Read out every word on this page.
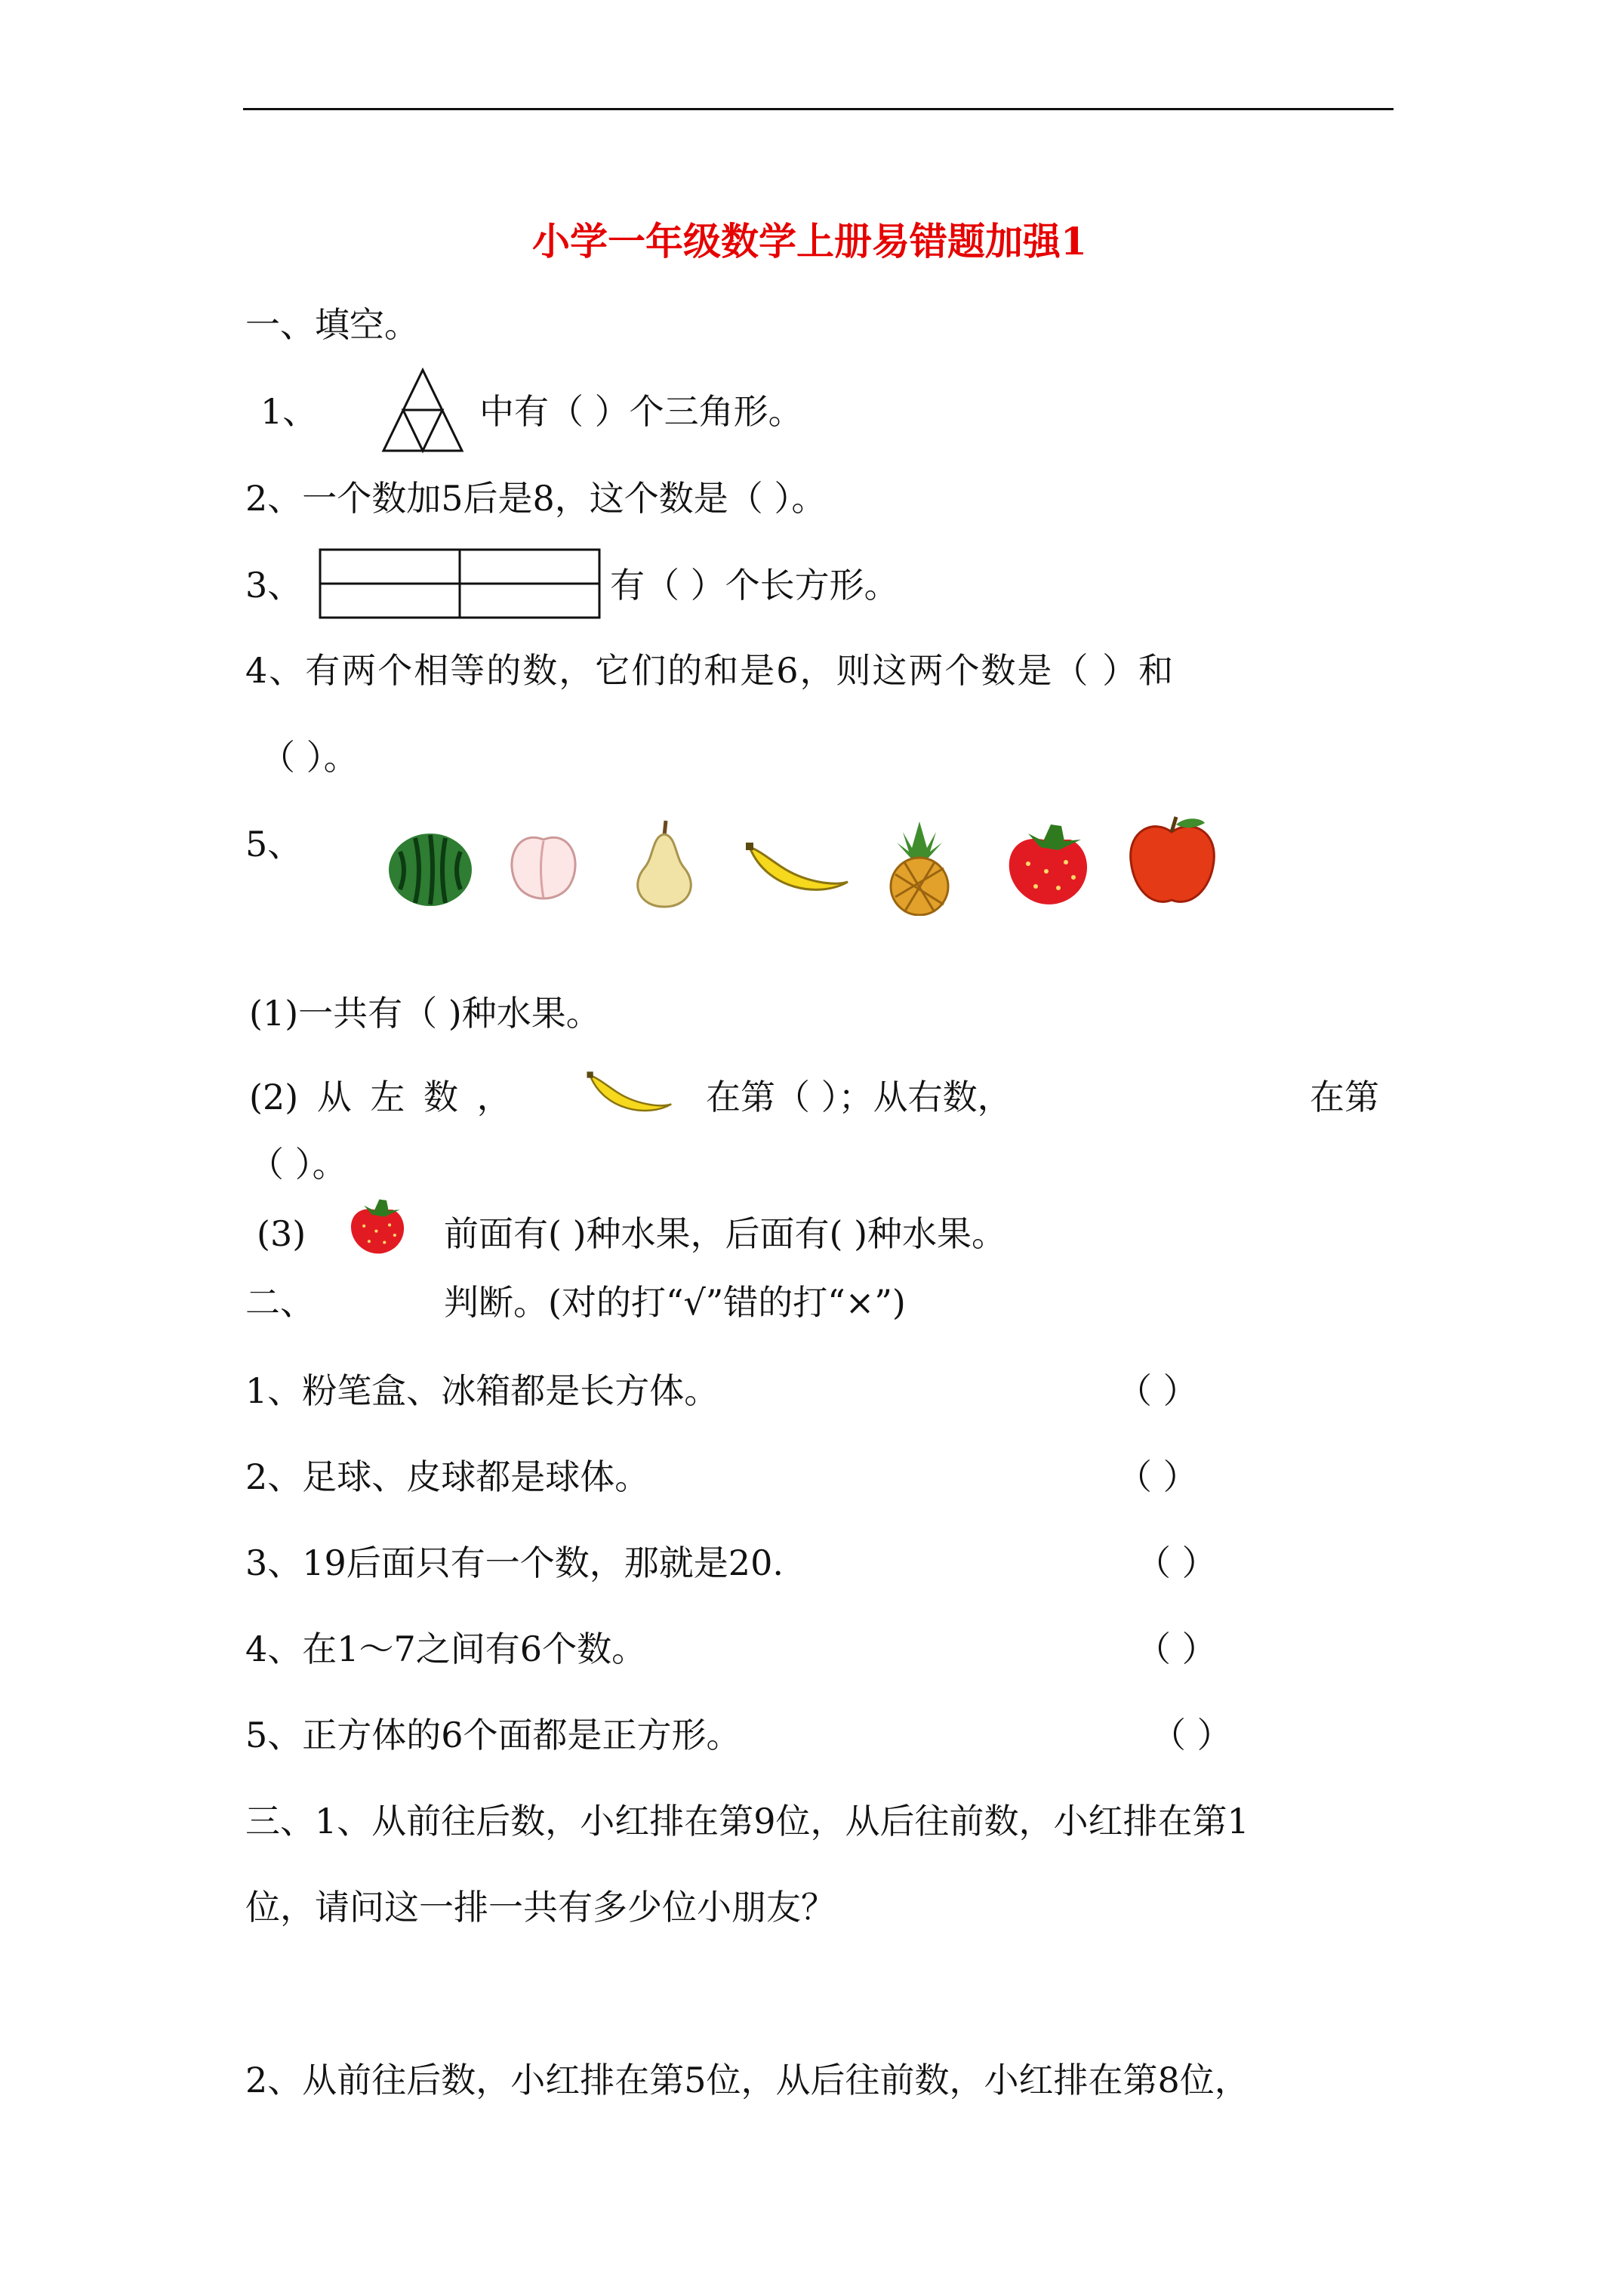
小学一年级数学上册易错题加强1
一、填空。
1、	中有（ ）个三角形。
2、一个数加5后是8，这个数是（ ）。
3、	有（ ）个长方形。
4、有两个相等的数，它们的和是6，则这两个数是（ ）和
（ ）。
5、
(1)一共有（ )种水果。
(2) 从 左 数 ，	在第（ ）；从右数，	在第
（ ）。
(3)	前面有( )种水果，后面有( )种水果。
二、	判断。(对的打“√”错的打“×”)
1、粉笔盒、冰箱都是长方体。	（ ）
2、足球、皮球都是球体。	（ ）
3、19后面只有一个数，那就是20.	（ ）
4、在1～7之间有6个数。	（ ）
5、正方体的6个面都是正方形。	（ ）
三、1、从前往后数，小红排在第9位，从后往前数，小红排在第1
位，请问这一排一共有多少位小朋友？
2、从前往后数，小红排在第5位，从后往前数，小红排在第8位，
